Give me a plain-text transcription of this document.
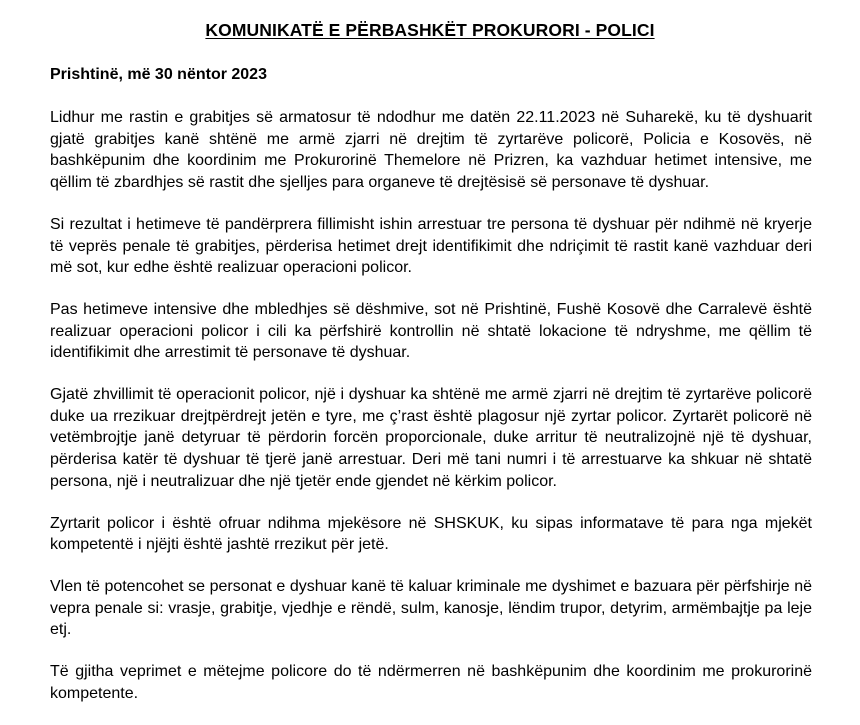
KOMUNIKATË E PËRBASHKËT PROKURORI - POLICI
Prishtinë, më 30 nëntor 2023

Lidhur me rastin e grabitjes së armatosur të ndodhur me datën 22.11.2023 në Suharekë, ku të dyshuarit gjatë grabitjes kanë shtënë me armë zjarri në drejtim të zyrtarëve policorë, Policia e Kosovës, në bashkëpunim dhe koordinim me Prokurorinë Themelore në Prizren, ka vazhduar hetimet intensive, me qëllim të zbardhjes së rastit dhe sjelljes para organeve të drejtësisë së personave të dyshuar.

Si rezultat i hetimeve të pandërprera fillimisht ishin arrestuar tre persona të dyshuar për ndihmë në kryerje të veprës penale të grabitjes, përderisa hetimet drejt identifikimit dhe ndriçimit të rastit kanë vazhduar deri më sot, kur edhe është realizuar operacioni policor.

Pas hetimeve intensive dhe mbledhjes së dëshmive, sot në Prishtinë, Fushë Kosovë dhe Carralevë është realizuar operacioni policor i cili ka përfshirë kontrollin në shtatë lokacione të ndryshme, me qëllim të identifikimit dhe arrestimit të personave të dyshuar.

Gjatë zhvillimit të operacionit policor, një i dyshuar ka shtënë me armë zjarri në drejtim të zyrtarëve policorë duke ua rrezikuar drejtpërdrejt jetën e tyre, me ç’rast është plagosur një zyrtar policor. Zyrtarët policorë në vetëmbrojtje janë detyruar të përdorin forcën proporcionale, duke arritur të neutralizojnë një të dyshuar, përderisa katër të dyshuar të tjerë janë arrestuar. Deri më tani numri i të arrestuarve ka shkuar në shtatë persona, një i neutralizuar dhe një tjetër ende gjendet në kërkim policor.

Zyrtarit policor i është ofruar ndihma mjekësore në SHSKUK, ku sipas informatave të para nga mjekët kompetentë i njëjti është jashtë rrezikut për jetë.

Vlen të potencohet se personat e dyshuar kanë të kaluar kriminale me dyshimet e bazuara për përfshirje në vepra penale si: vrasje, grabitje, vjedhje e rëndë, sulm, kanosje, lëndim trupor, detyrim, armëmbajtje pa leje etj.

Të gjitha veprimet e mëtejme policore do të ndërmerren në bashkëpunim dhe koordinim me prokurorinë kompetente.
